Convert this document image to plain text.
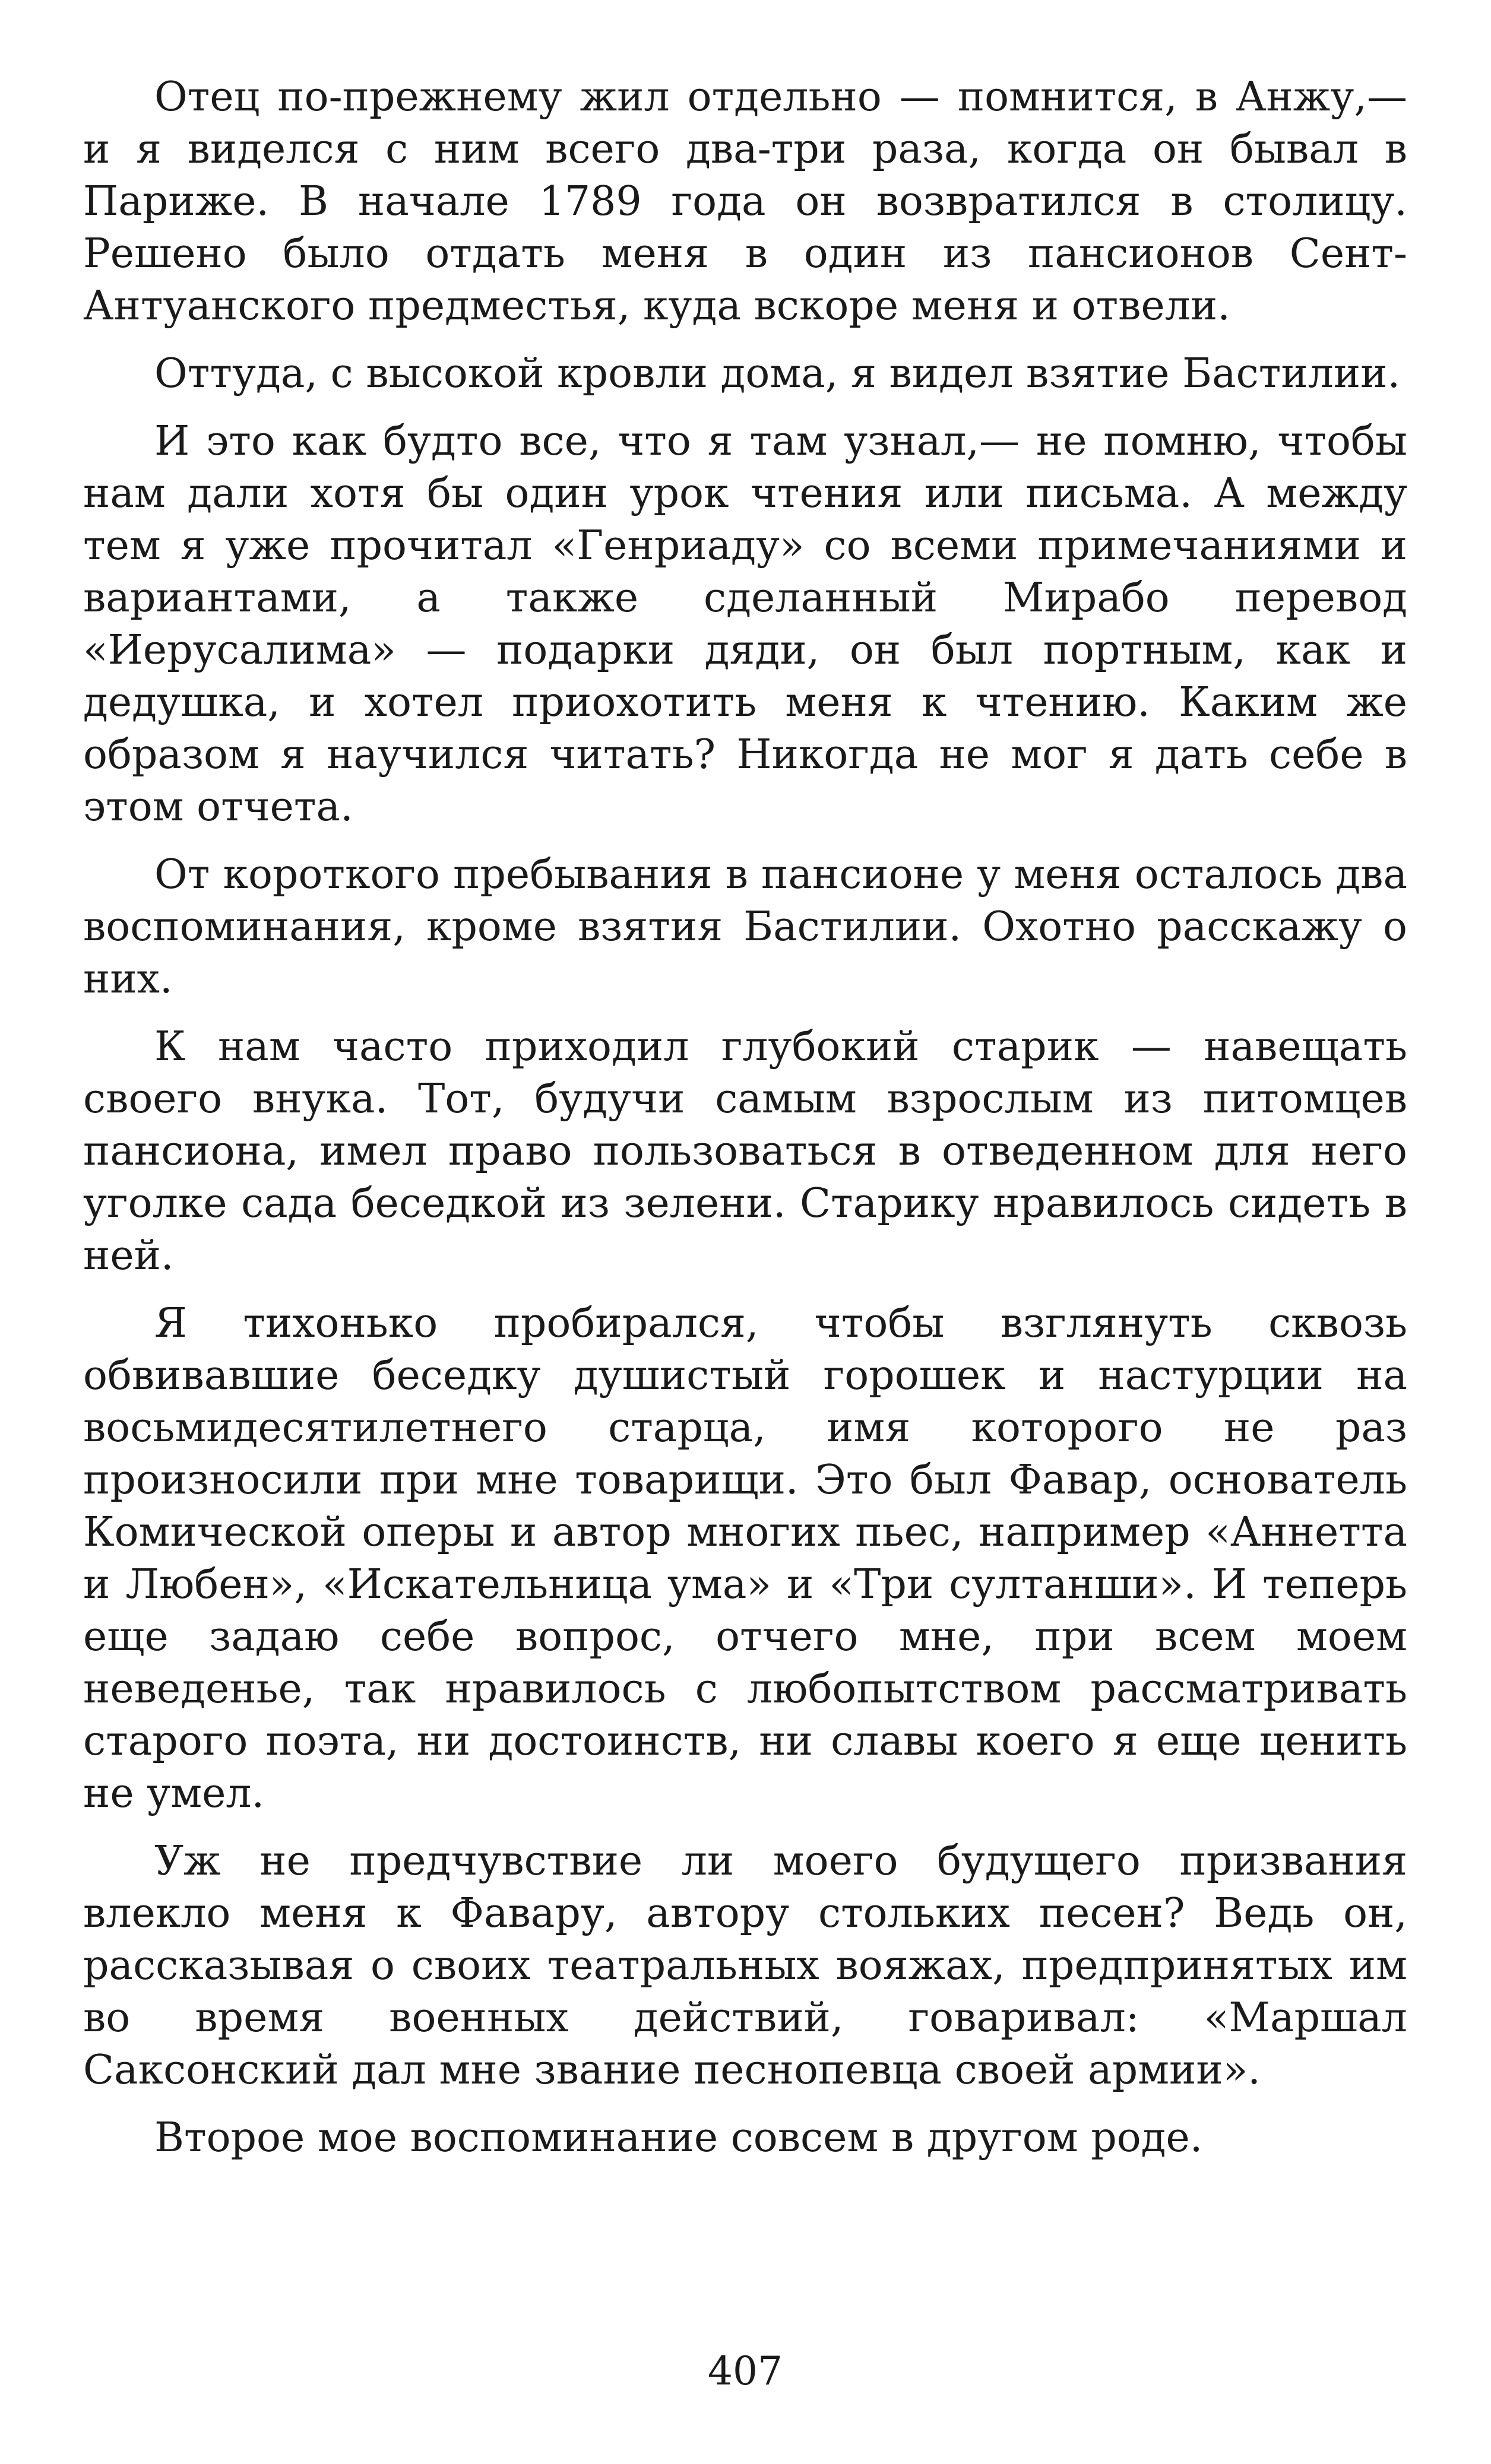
Отец по-прежнему жил отдельно — помнится, в Анжу,— и я виделся с ним всего два-три раза, когда он бывал в Париже. В начале 1789 года он возвратился в столицу. Решено было отдать меня в один из пансионов Сент-Антуанского предместья, куда вскоре меня и отвели.

Оттуда, с высокой кровли дома, я видел взятие Бастилии.

И это как будто все, что я там узнал,— не помню, чтобы нам дали хотя бы один урок чтения или письма. А между тем я уже прочитал «Генриаду» со всеми примечаниями и вариантами, а также сделанный Мирабо перевод «Иерусалима» — подарки дяди, он был портным, как и дедушка, и хотел приохотить меня к чтению. Каким же образом я научился читать? Никогда не мог я дать себе в этом отчета.

От короткого пребывания в пансионе у меня осталось два воспоминания, кроме взятия Бастилии. Охотно расскажу о них.

К нам часто приходил глубокий старик — навещать своего внука. Тот, будучи самым взрослым из питомцев пансиона, имел право пользоваться в отведенном для него уголке сада беседкой из зелени. Старику нравилось сидеть в ней.

Я тихонько пробирался, чтобы взглянуть сквозь обвивавшие беседку душистый горошек и настурции на восьмидесятилетнего старца, имя которого не раз произносили при мне товарищи. Это был Фавар, основатель Комической оперы и автор многих пьес, например «Аннетта и Любен», «Искательница ума» и «Три султанши». И теперь еще задаю себе вопрос, отчего мне, при всем моем неведенье, так нравилось с любопытством рассматривать старого поэта, ни достоинств, ни славы коего я еще ценить не умел.

Уж не предчувствие ли моего будущего призвания влекло меня к Фавару, автору стольких песен? Ведь он, рассказывая о своих театральных вояжах, предпринятых им во время военных действий, говаривал: «Маршал Саксонский дал мне звание песнопевца своей армии».

Второе мое воспоминание совсем в другом роде.

407
